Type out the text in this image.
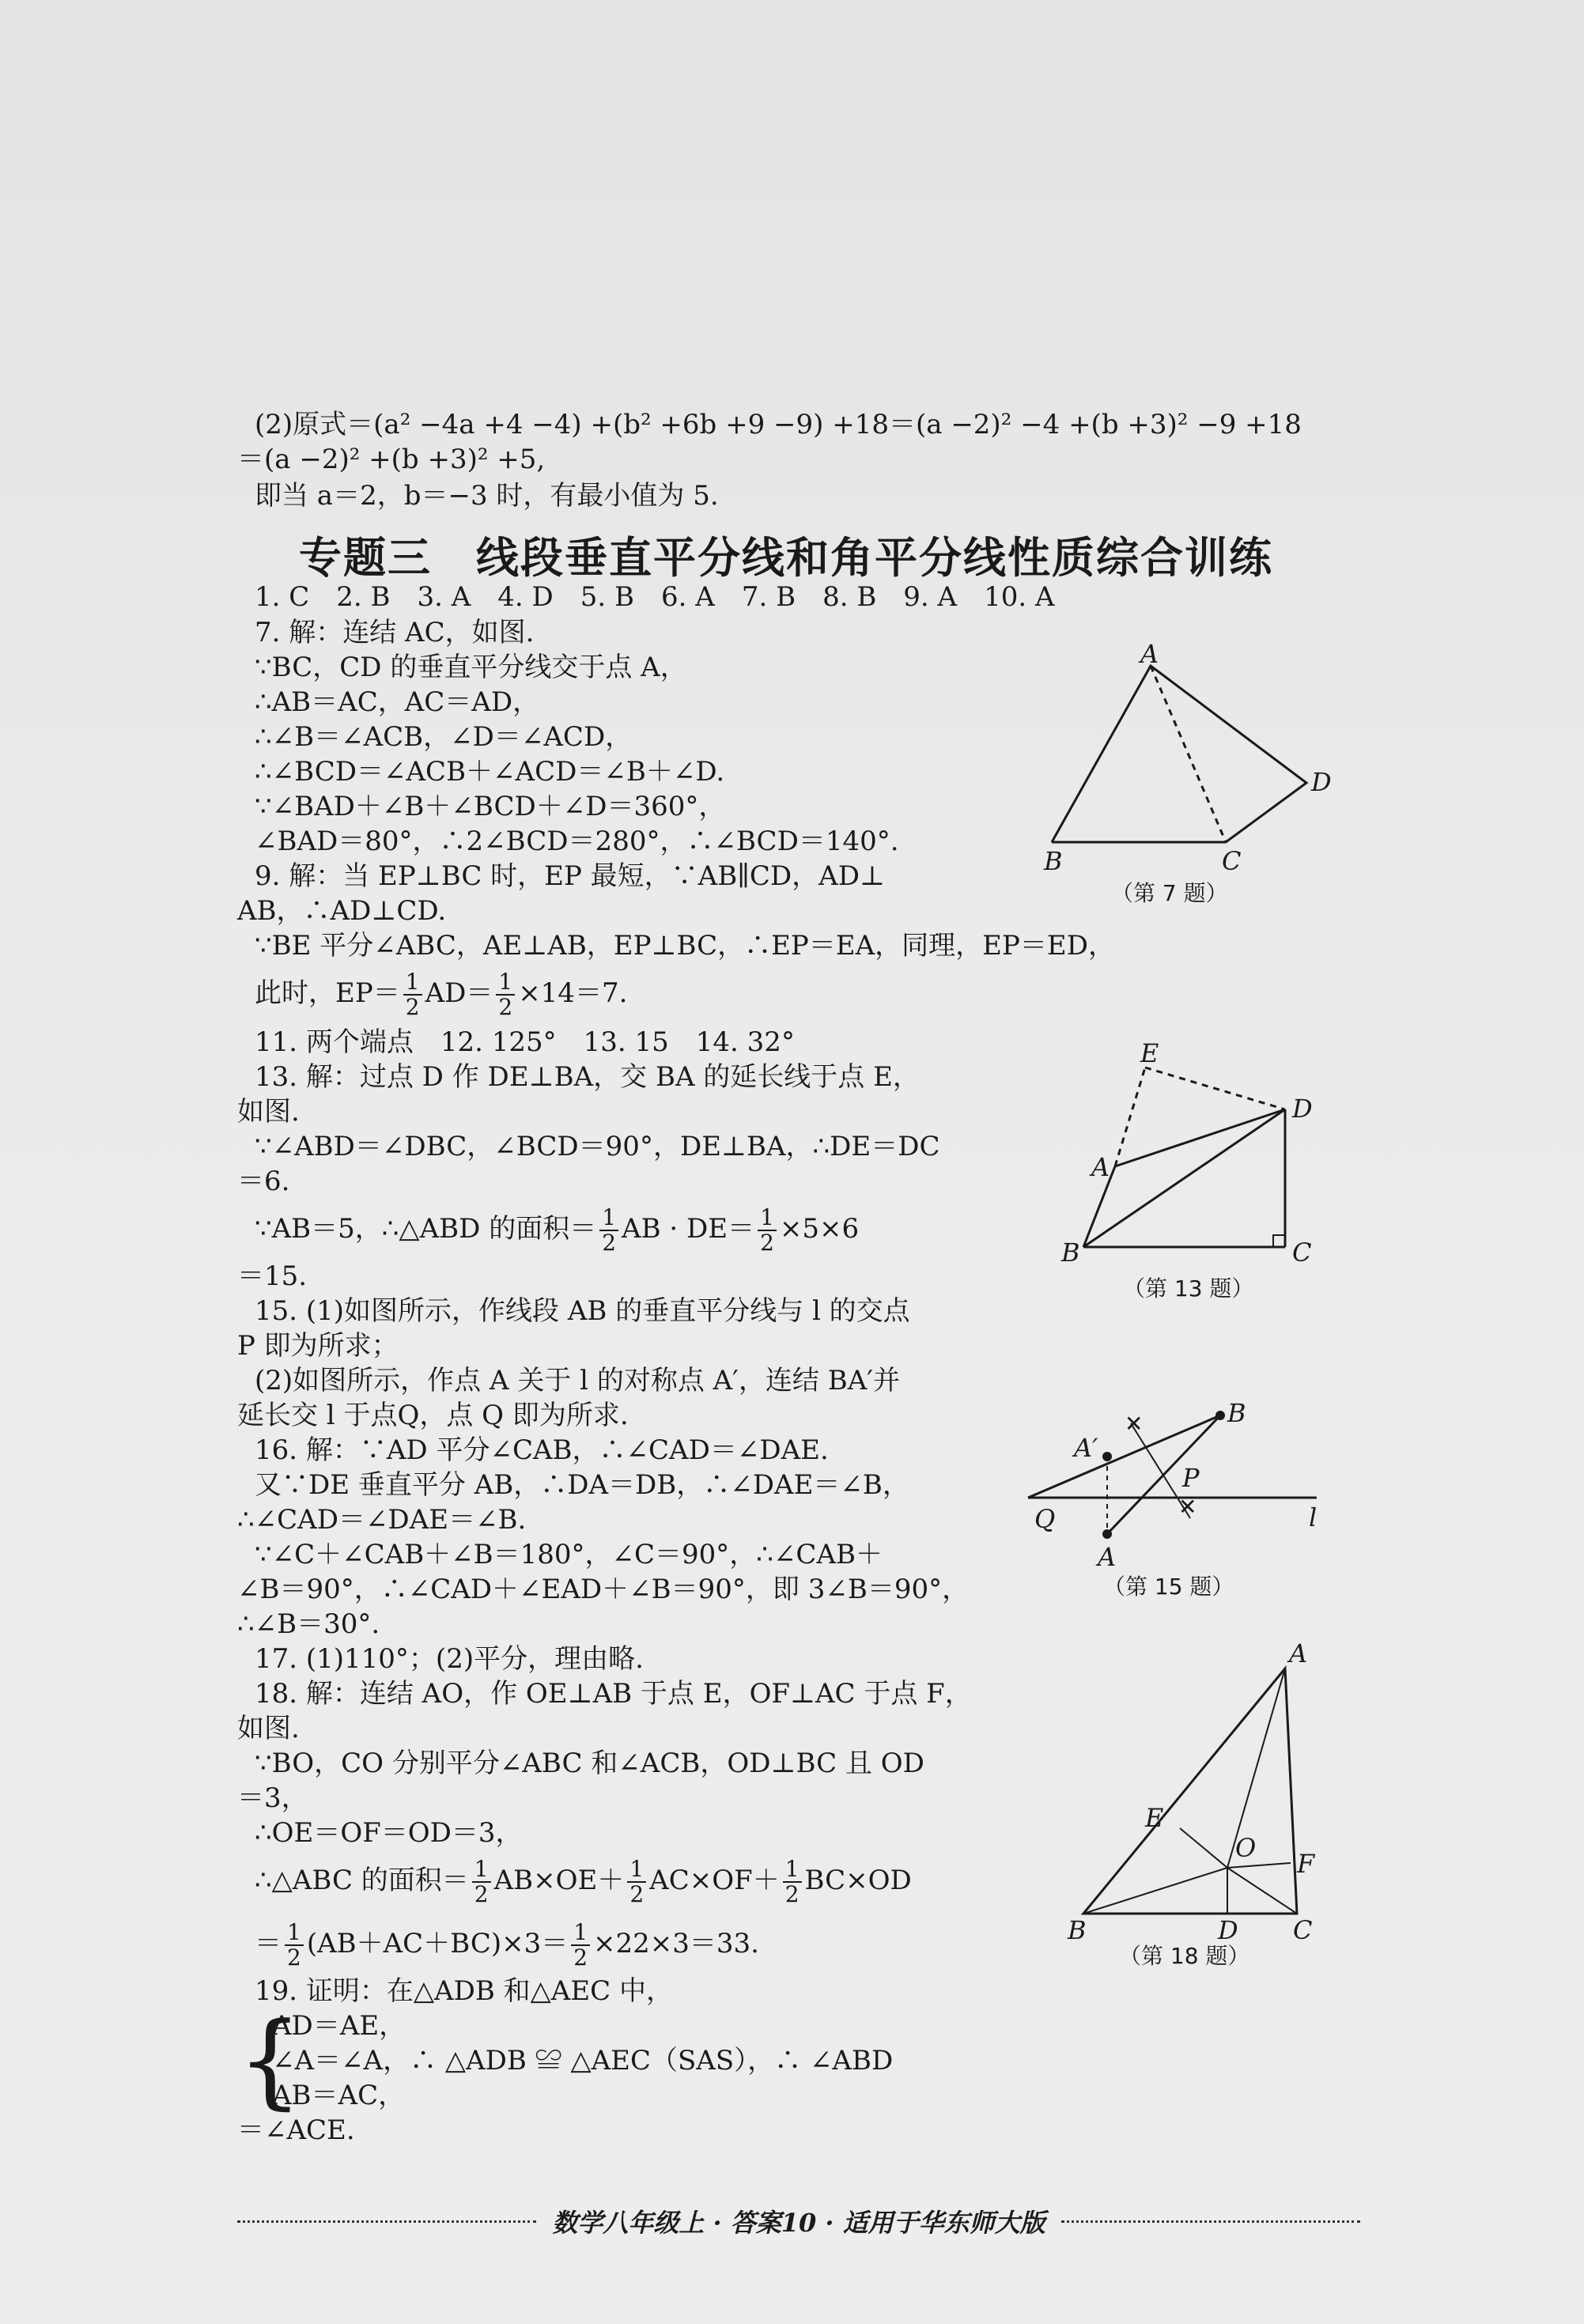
(2)原式＝(a² −4a +4 −4) +(b² +6b +9 −9) +18＝(a −2)² −4 +(b +3)² −9 +18
＝(a −2)² +(b +3)² +5,
即当 a＝2，b＝−3 时，有最小值为 5.
专题三　线段垂直平分线和角平分线性质综合训练
1. C　2. B　3. A　4. D　5. B　6. A　7. B　8. B　9. A　10. A
7. 解：连结 AC，如图.
∵BC，CD 的垂直平分线交于点 A，
∴AB＝AC，AC＝AD，
∴∠B＝∠ACB，∠D＝∠ACD，
∴∠BCD＝∠ACB＋∠ACD＝∠B＋∠D.
∵∠BAD＋∠B＋∠BCD＋∠D＝360°，
∠BAD＝80°，∴2∠BCD＝280°，∴∠BCD＝140°.
9. 解：当 EP⊥BC 时，EP 最短，∵AB∥CD，AD⊥
AB，∴AD⊥CD.
∵BE 平分∠ABC，AE⊥AB，EP⊥BC，∴EP＝EA，同理，EP＝ED，
此时，$EP= \frac{1}{2} AD= \frac{1}{2} \times 14=7$.
11. 两个端点　12. 125°　13. 15　14. 32°
13. 解：过点 D 作 DE⊥BA，交 BA 的延长线于点 E，
如图.
∵∠ABD＝∠DBC，∠BCD＝90°，DE⊥BA，∴DE＝DC
＝6.
∵AB＝5，∴△ABD 的面积＝ $\frac{1}{2}$ AB · $DE= \frac{1}{2} \times 5\times 6$
＝15.
15. (1)如图所示，作线段 AB 的垂直平分线与 l 的交点
P 即为所求；
(2)如图所示，作点 A 关于 l 的对称点 A′，连结 BA′并
延长交 l 于点Q，点 Q 即为所求.
16. 解：∵AD 平分∠CAB，∴∠CAD＝∠DAE.
又∵DE 垂直平分 AB，∴DA＝DB，∴∠DAE＝∠B，
∴∠CAD＝∠DAE＝∠B.
∵∠C＋∠CAB＋∠B＝180°，∠C＝90°，∴∠CAB＋
∠B＝90°，∴∠CAD＋∠EAD＋∠B＝90°，即 3∠B＝90°，
∴∠B＝30°.
17. (1)110°；(2)平分，理由略.
18. 解：连结 AO，作 OE⊥AB 于点 E，OF⊥AC 于点 F，
如图.
∵BO，CO 分别平分∠ABC 和∠ACB，OD⊥BC 且 OD
＝3，
∴OE＝OF＝OD＝3，
∴△ABC 的面积＝ $\frac{1}{2} AB\times OE+ \frac{1}{2} AC\times OF+ \frac{1}{2} BC\times OD$
＝ $\frac{1}{2} (AB+AC+BC)\times 3= \frac{1}{2} \times 22\times 3=33$.
19. 证明：在△ADB 和△AEC 中，
{
AD＝AE，
∠A＝∠A，∴ △ADB ≌ △AEC（SAS），∴ ∠ABD
AB＝AC，
＝∠ACE.
A
B	C
D
（第 7 题）
E
D
A
B	C
（第 13 题）
✕
✕
B
A′
P
Q
A
l
（第 15 题）
A
B	D C
E
O
F
（第 18 题）
数学八年级上 · 答案10 · 适用于华东师大版
